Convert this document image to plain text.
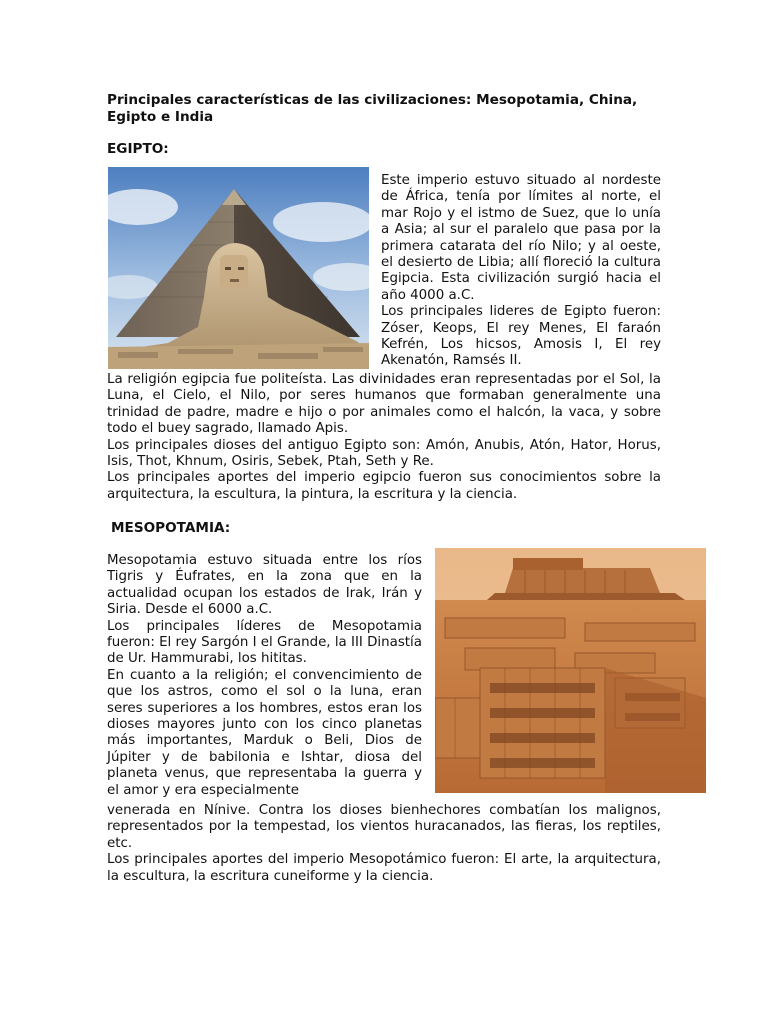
Principales características de las civilizaciones: Mesopotamia, China, Egipto e India
EGIPTO:

Este imperio estuvo situado al nordeste de África, tenía por límites al norte, el mar Rojo y el istmo de Suez, que lo unía a Asia; al sur el paralelo que pasa por la primera catarata del río Nilo; y al oeste, el desierto de Libia; allí floreció la cultura Egipcia. Esta civilización surgió hacia el año 4000 a.C.

Los principales lideres de Egipto fueron: Zóser, Keops, El rey Menes, El faraón Kefrén, Los hicsos, Amosis I, El rey Akenatón, Ramsés II.

La religión egipcia fue politeísta. Las divinidades eran representadas por el Sol, la Luna, el Cielo, el Nilo, por seres humanos que formaban generalmente una trinidad de padre, madre e hijo o por animales como el halcón, la vaca, y sobre todo el buey sagrado, llamado Apis.

Los principales dioses del antiguo Egipto son: Amón, Anubis, Atón, Hator, Horus, Isis, Thot, Khnum, Osiris, Sebek, Ptah, Seth y Re.

Los principales aportes del imperio egipcio fueron sus conocimientos sobre la arquitectura, la escultura, la pintura, la escritura y la ciencia.

MESOPOTAMIA:

Mesopotamia estuvo situada entre los ríos Tigris y Éufrates, en la zona que en la actualidad ocupan los estados de Irak, Irán y Siria. Desde el 6000 a.C.

Los principales líderes de Mesopotamia fueron: El rey Sargón I el Grande, la III Dinastía de Ur. Hammurabi, los hititas.

En cuanto a la religión; el convencimiento de que los astros, como el sol o la luna, eran seres superiores a los hombres, estos eran los dioses mayores junto con los cinco planetas más importantes, Marduk o Beli, Dios de Júpiter y de babilonia e Ishtar, diosa del planeta venus, que representaba la guerra y el amor y era especialmente

venerada en Nínive. Contra los dioses bienhechores combatían los malignos, representados por la tempestad, los vientos huracanados, las fieras, los reptiles, etc.

Los principales aportes del imperio Mesopotámico fueron: El arte, la arquitectura, la escultura, la escritura cuneiforme y la ciencia.
